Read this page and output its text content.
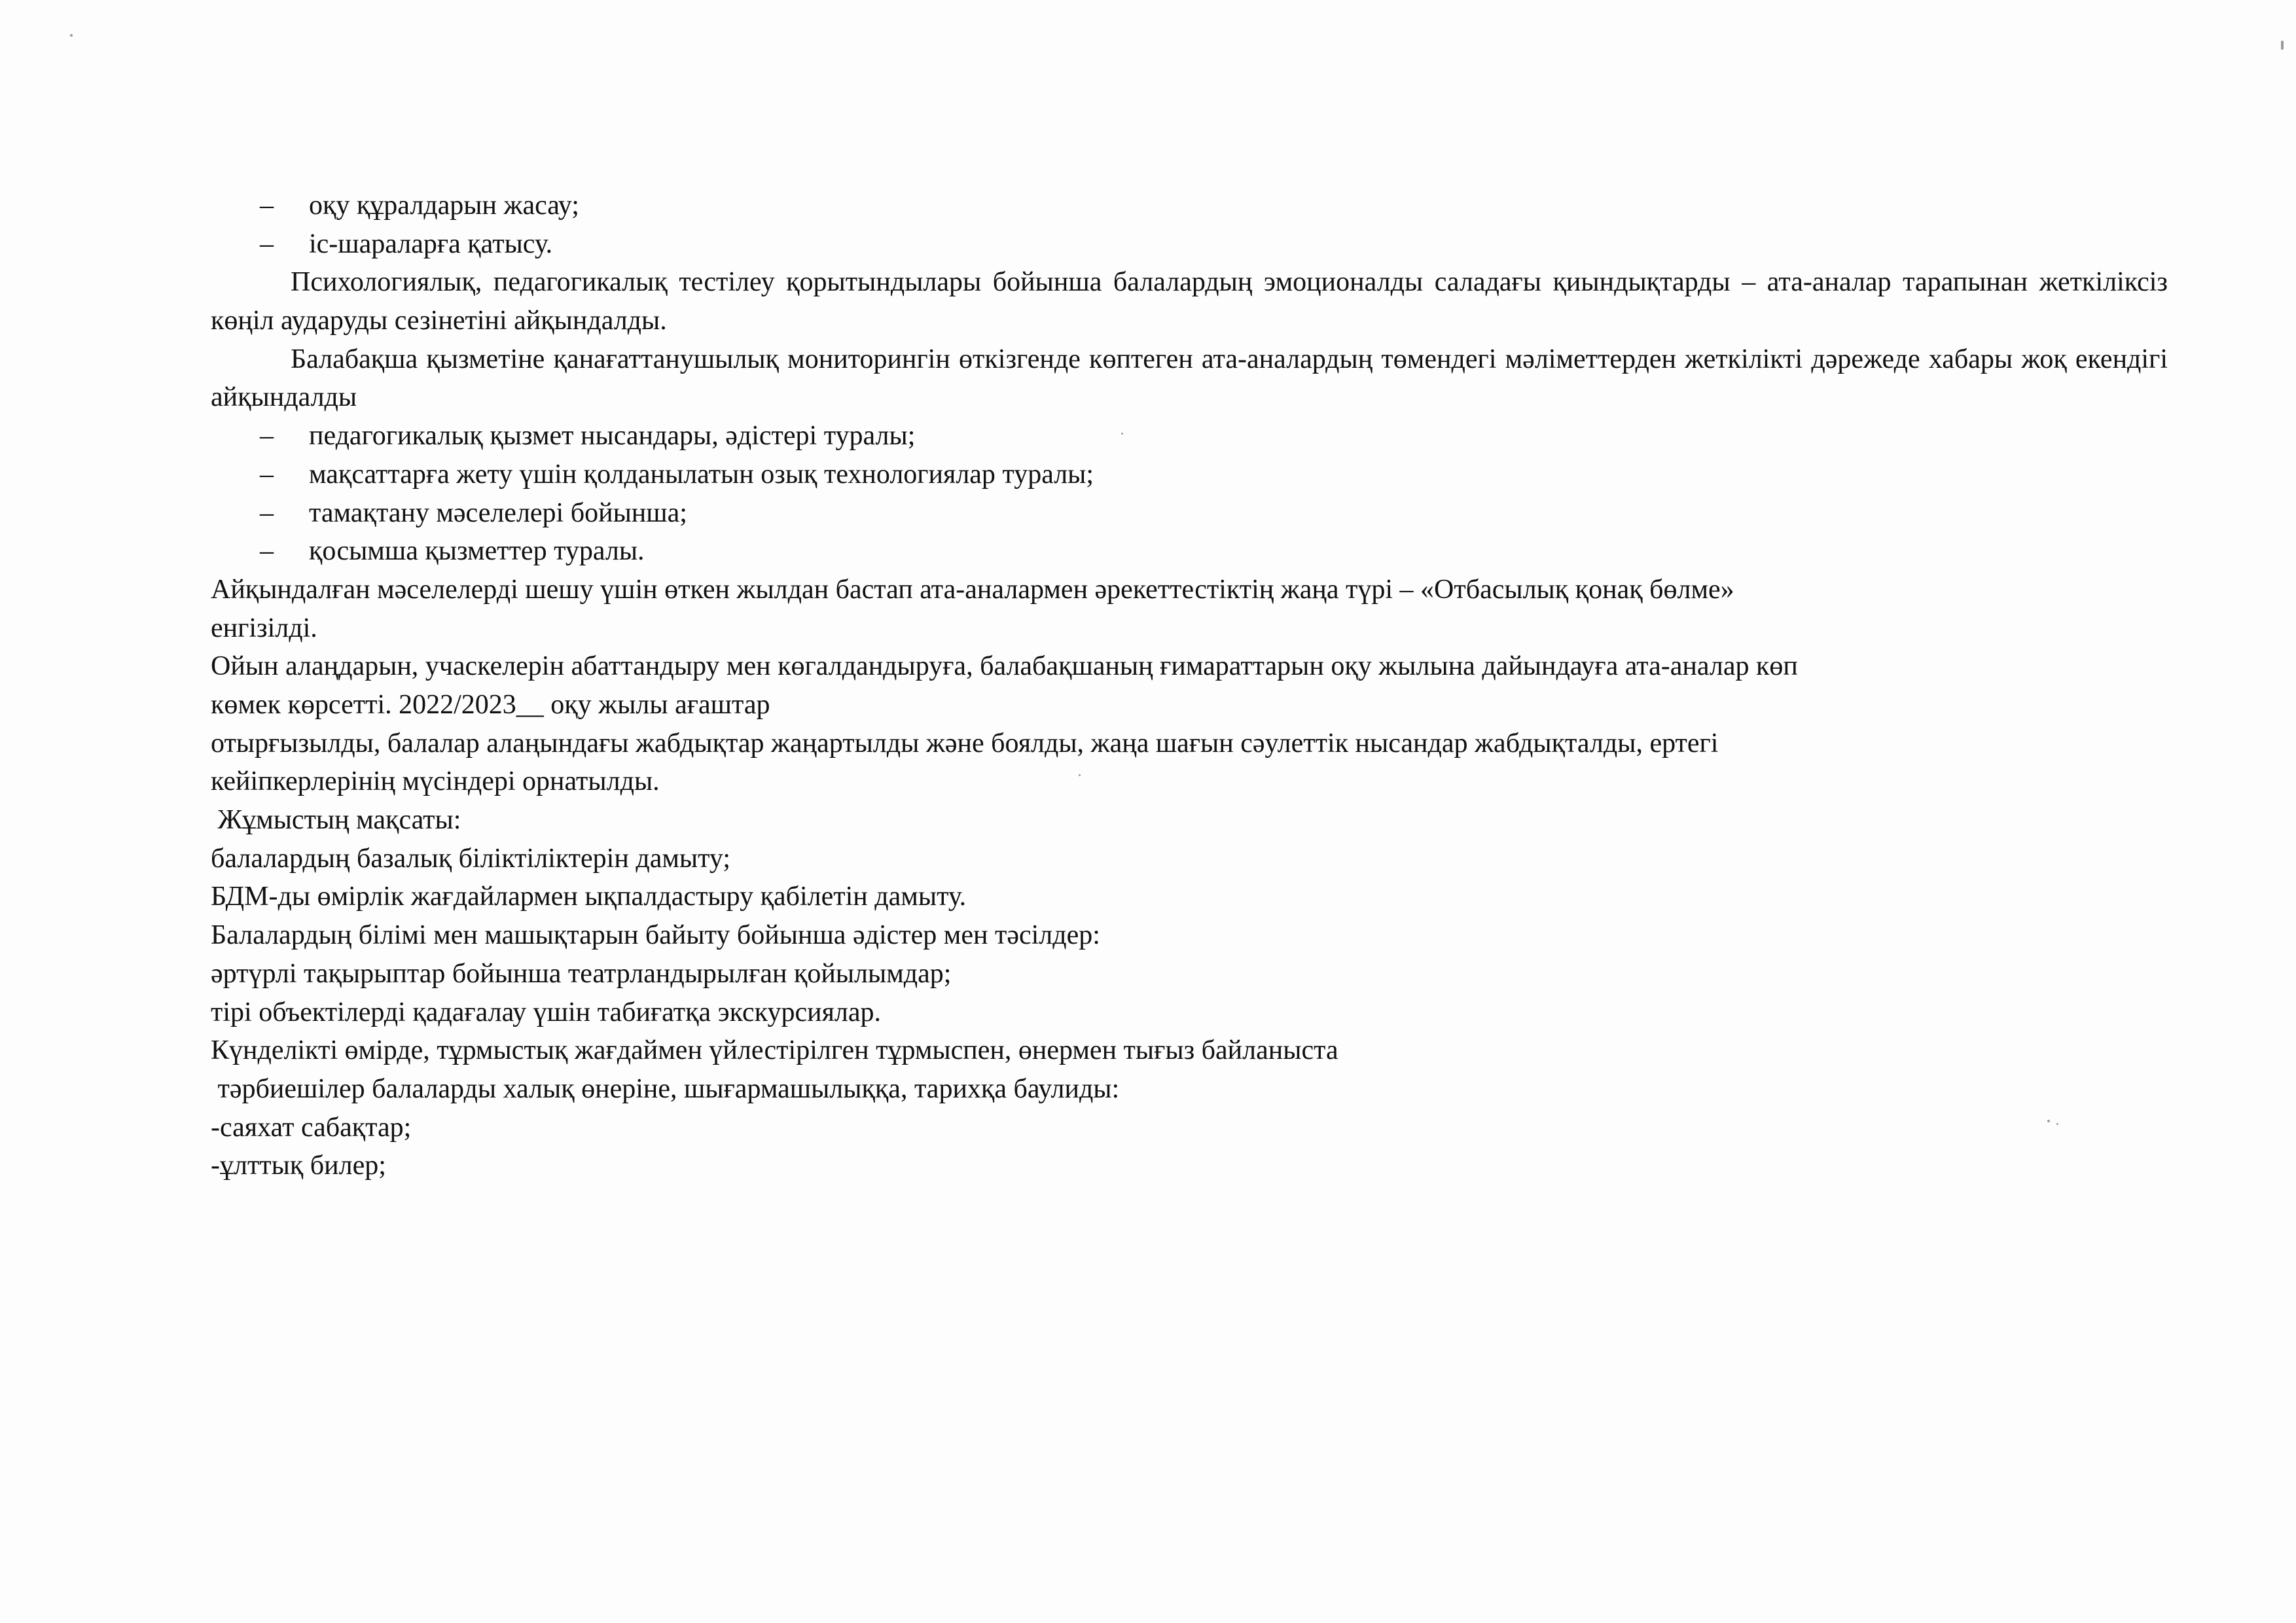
– оқу құралдарын жасау;
– іс-шараларға қатысу.
Психологиялық, педагогикалық тестілеу қорытындылары бойынша балалардың эмоционалды саладағы қиындықтарды – ата-аналар тарапынан жеткіліксіз көңіл аударуды сезінетіні айқындалды.
Балабақша қызметіне қанағаттанушылық мониторингін өткізгенде көптеген ата-аналардың төмендегі мәліметтерден жеткілікті дәрежеде хабары жоқ екендігі айқындалды
– педагогикалық қызмет нысандары, әдістері туралы;
– мақсаттарға жету үшін қолданылатын озық технологиялар туралы;
– тамақтану мәселелері бойынша;
– қосымша қызметтер туралы.
Айқындалған мәселелерді шешу үшін өткен жылдан бастап ата-аналармен әрекеттестіктің жаңа түрі – «Отбасылық қонақ бөлме»
енгізілді.
Ойын алаңдарын, учаскелерін абаттандыру мен көгалдандыруға, балабақшаның ғимараттарын оқу жылына дайындауға ата-аналар көп
көмек көрсетті. 2022/2023__ оқу жылы ағаштар
отырғызылды, балалар алаңындағы жабдықтар жаңартылды және боялды, жаңа шағын сәулеттік нысандар жабдықталды, ертегі
кейіпкерлерінің мүсіндері орнатылды.
Жұмыстың мақсаты:
балалардың базалық біліктіліктерін дамыту;
БДМ-ды өмірлік жағдайлармен ықпалдастыру қабілетін дамыту.
Балалардың білімі мен машықтарын байыту бойынша әдістер мен тәсілдер:
әртүрлі тақырыптар бойынша театрландырылған қойылымдар;
тірі объектілерді қадағалау үшін табиғатқа экскурсиялар.
Күнделікті өмірде, тұрмыстық жағдаймен үйлестірілген тұрмыспен, өнермен тығыз байланыста
тәрбиешілер балаларды халық өнеріне, шығармашылыққа, тарихқа баулиды:
-саяхат сабақтар;
-ұлттық билер;
